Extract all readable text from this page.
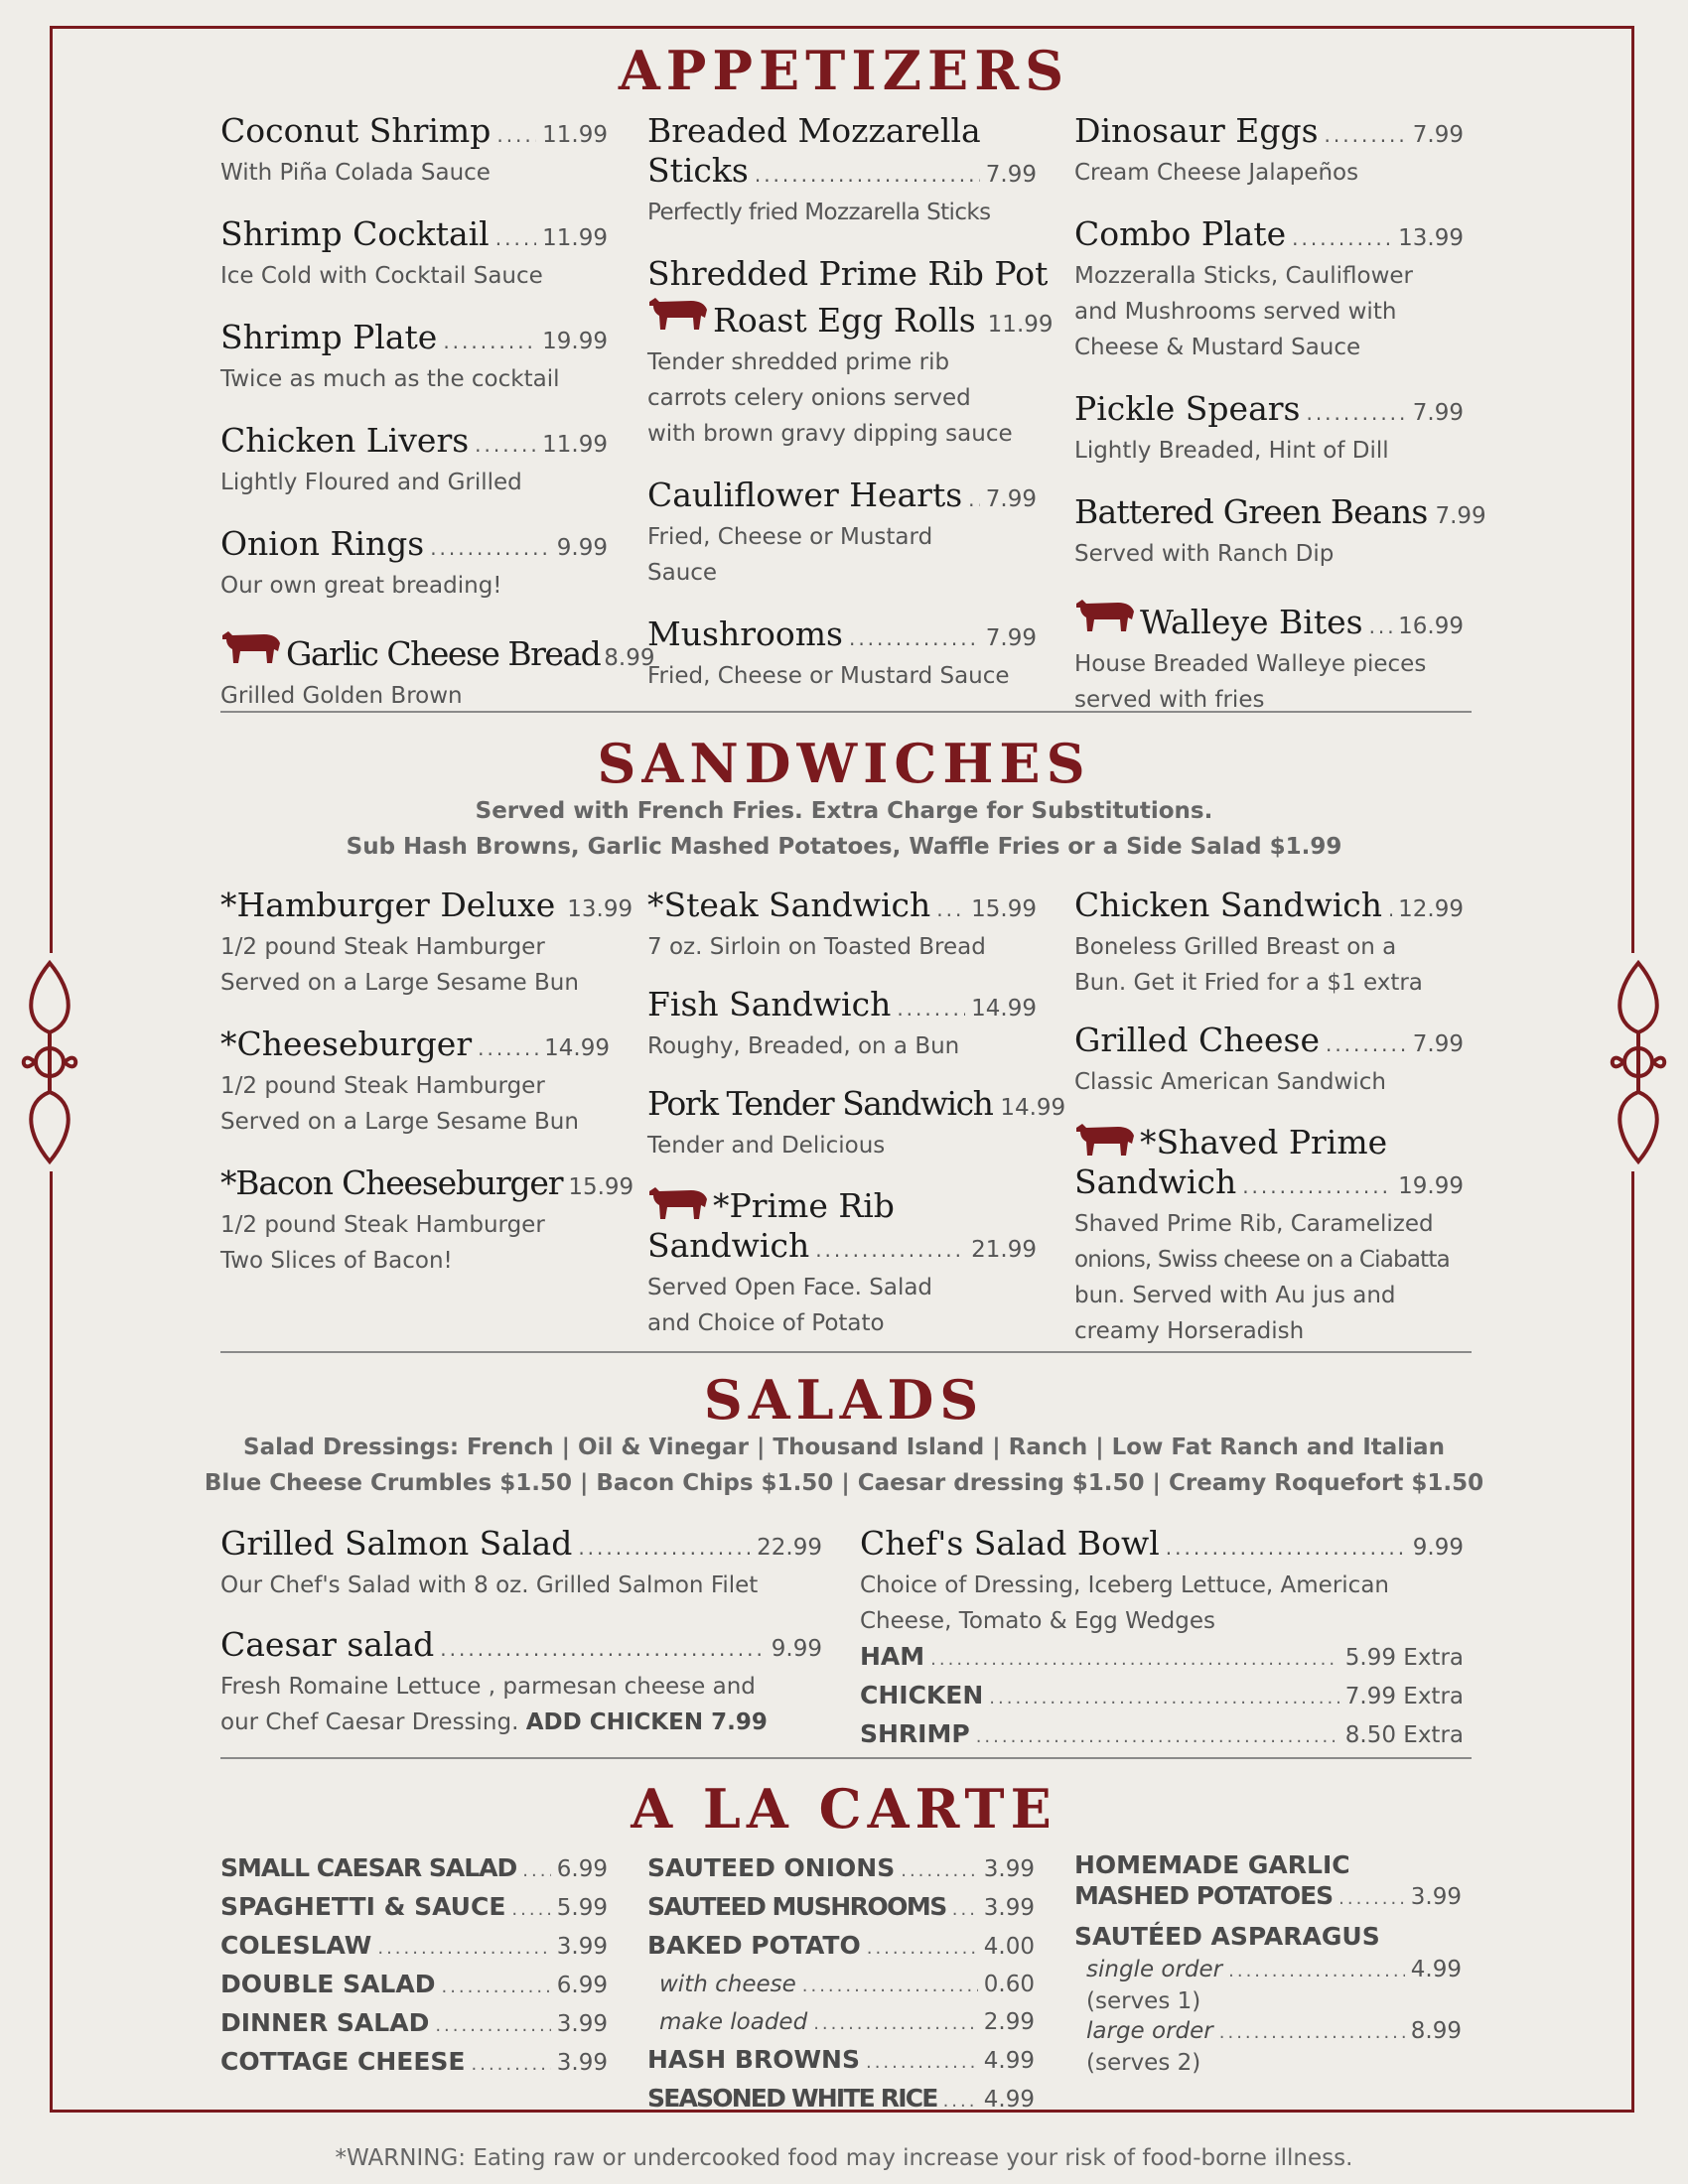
APPETIZERS
Coconut Shrimp ..... 11.99
With Piña Colada Sauce
Shrimp Cocktail ..... 11.99
Ice Cold with Cocktail Sauce
Shrimp Plate .....	19.99
Twice as much as the cocktail
Chicken Livers .....	11.99
Lightly Floured and Grilled
Onion Rings .....	9.99
Our own great breading!
Garlic Cheese Bread 8.99
Grilled Golden Brown
Breaded Mozzarella
Sticks .....	7.99
Perfectly fried Mozzarella Sticks
Shredded Prime Rib Pot
Roast Egg Rolls 11.99
Tender shredded prime rib
carrots celery onions served
with brown gravy dipping sauce
Cauliflower Hearts ..... 7.99
Fried, Cheese or Mustard
Sauce
Mushrooms .....	7.99
Fried, Cheese or Mustard Sauce
Dinosaur Eggs .....	7.99
Cream Cheese Jalapeños
Combo Plate .....	13.99
Mozzeralla Sticks, Cauliflower
and Mushrooms served with
Cheese & Mustard Sauce
Pickle Spears .....	7.99
Lightly Breaded, Hint of Dill
Battered Green Beans 7.99
Served with Ranch Dip
Walleye Bites ..... 16.99
House Breaded Walleye pieces
served with fries
SANDWICHES
Served with French Fries. Extra Charge for Substitutions.
Sub Hash Browns, Garlic Mashed Potatoes, Waffle Fries or a Side Salad $1.99
*Hamburger Deluxe 13.99
1/2 pound Steak Hamburger
Served on a Large Sesame Bun
*Cheeseburger .....	14.99
1/2 pound Steak Hamburger
Served on a Large Sesame Bun
*Bacon Cheeseburger 15.99
1/2 pound Steak Hamburger
Two Slices of Bacon!
*Steak Sandwich ..... 15.99
7 oz. Sirloin on Toasted Bread
Fish Sandwich .....	14.99
Roughy, Breaded, on a Bun
Pork Tender Sandwich 14.99
Tender and Delicious
*Prime Rib
Sandwich .....	21.99
Served Open Face. Salad
and Choice of Potato
Chicken Sandwich ..... 12.99
Boneless Grilled Breast on a
Bun. Get it Fried for a $1 extra
Grilled Cheese .....	7.99
Classic American Sandwich
*Shaved Prime
Sandwich .....	19.99
Shaved Prime Rib, Caramelized
onions, Swiss cheese on a Ciabatta
bun. Served with Au jus and
creamy Horseradish
SALADS
Salad Dressings: French | Oil & Vinegar | Thousand Island | Ranch | Low Fat Ranch and Italian
Blue Cheese Crumbles $1.50 | Bacon Chips $1.50 | Caesar dressing $1.50 | Creamy Roquefort $1.50
Grilled Salmon Salad .....	22.99
Our Chef's Salad with 8 oz. Grilled Salmon Filet
Caesar salad .....	9.99
Fresh Romaine Lettuce , parmesan cheese and
our Chef Caesar Dressing. ADD CHICKEN 7.99
Chef's Salad Bowl .....	9.99
Choice of Dressing, Iceberg Lettuce, American
Cheese, Tomato & Egg Wedges
HAM .....	5.99 Extra
CHICKEN .....	7.99 Extra
SHRIMP .....	8.50 Extra
A LA CARTE
SMALL CAESAR SALAD ..... 6.99
SPAGHETTI & SAUCE ..... 5.99
COLESLAW .....	3.99
DOUBLE SALAD .....	6.99
DINNER SALAD .....	3.99
COTTAGE CHEESE .....	3.99
SAUTEED ONIONS .....	3.99
SAUTEED MUSHROOMS ..... 3.99
BAKED POTATO .....	4.00
with cheese .....	0.60
make loaded .....	2.99
HASH BROWNS .....	4.99
SEASONED WHITE RICE ..... 4.99
HOMEMADE GARLIC
MASHED POTATOES .....	3.99
SAUTÉED ASPARAGUS
single order .....	4.99
(serves 1)
large order .....	8.99
(serves 2)
*WARNING: Eating raw or undercooked food may increase your risk of food-borne illness.
